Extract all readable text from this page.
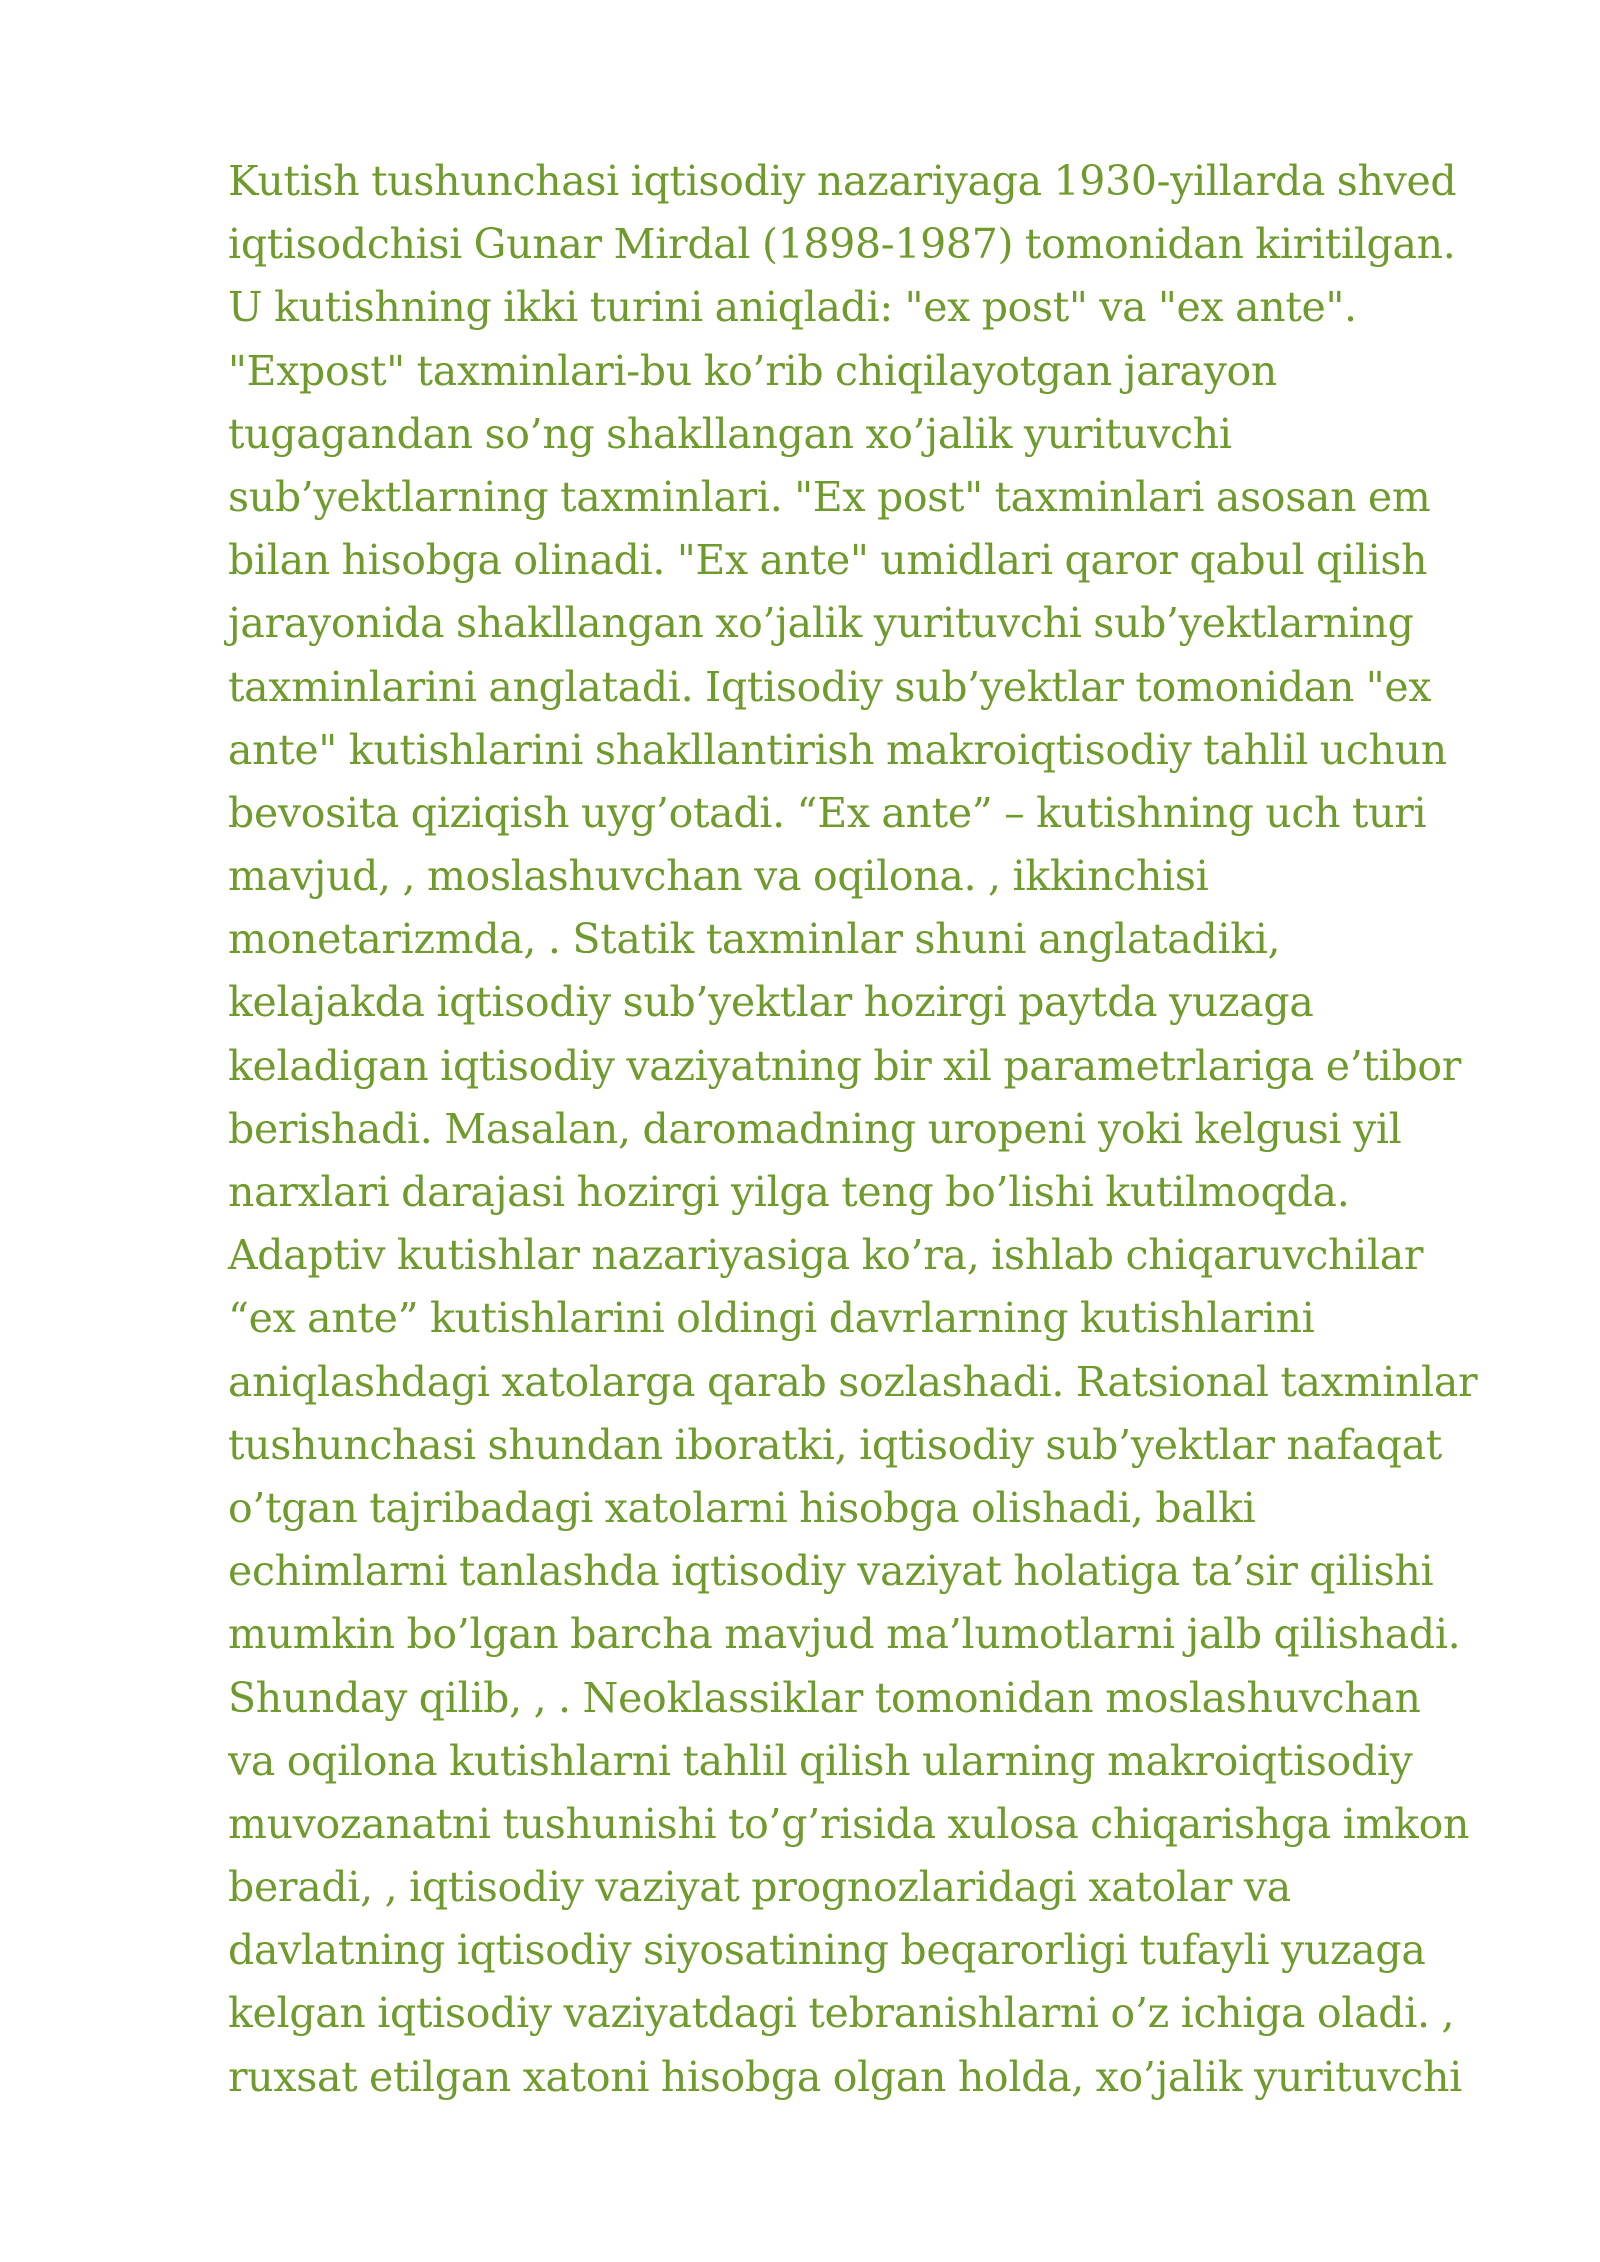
Kutish tushunchasi iqtisodiy nazariyaga 1930-yillarda shved
iqtisodchisi Gunar Mirdal (1898-1987) tomonidan kiritilgan.
U kutishning ikki turini aniqladi: "ex post" va "ex ante".
"Expost" taxminlari-bu ko’rib chiqilayotgan jarayon
tugagandan so’ng shakllangan xo’jalik yurituvchi
sub’yektlarning taxminlari. "Ex post" taxminlari asosan em
bilan hisobga olinadi. "Ex ante" umidlari qaror qabul qilish
jarayonida shakllangan xo’jalik yurituvchi sub’yektlarning
taxminlarini anglatadi. Iqtisodiy sub’yektlar tomonidan "ex
ante" kutishlarini shakllantirish makroiqtisodiy tahlil uchun
bevosita qiziqish uyg’otadi. “Ex ante” – kutishning uch turi
mavjud, , moslashuvchan va oqilona. , ikkinchisi
monetarizmda, . Statik taxminlar shuni anglatadiki,
kelajakda iqtisodiy sub’yektlar hozirgi paytda yuzaga
keladigan iqtisodiy vaziyatning bir xil parametrlariga e’tibor
berishadi. Masalan, daromadning uropeni yoki kelgusi yil
narxlari darajasi hozirgi yilga teng bo’lishi kutilmoqda.
Adaptiv kutishlar nazariyasiga ko’ra, ishlab chiqaruvchilar
“ex ante” kutishlarini oldingi davrlarning kutishlarini
aniqlashdagi xatolarga qarab sozlashadi. Ratsional taxminlar
tushunchasi shundan iboratki, iqtisodiy sub’yektlar nafaqat
o’tgan tajribadagi xatolarni hisobga olishadi, balki
echimlarni tanlashda iqtisodiy vaziyat holatiga ta’sir qilishi
mumkin bo’lgan barcha mavjud ma’lumotlarni jalb qilishadi.
Shunday qilib, , . Neoklassiklar tomonidan moslashuvchan
va oqilona kutishlarni tahlil qilish ularning makroiqtisodiy
muvozanatni tushunishi to’g’risida xulosa chiqarishga imkon
beradi, , iqtisodiy vaziyat prognozlaridagi xatolar va
davlatning iqtisodiy siyosatining beqarorligi tufayli yuzaga
kelgan iqtisodiy vaziyatdagi tebranishlarni o’z ichiga oladi. ,
ruxsat etilgan xatoni hisobga olgan holda, xo’jalik yurituvchi
